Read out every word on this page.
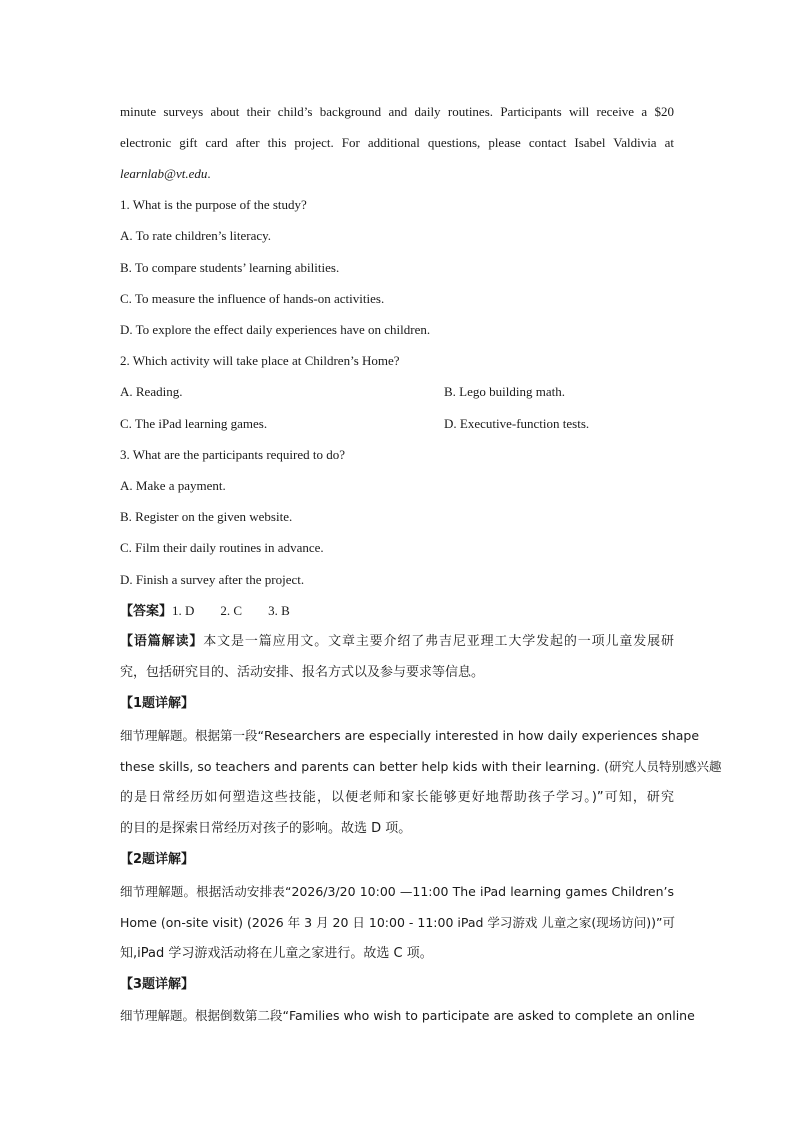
minute surveys about their child’s background and daily routines. Participants will receive a $20
electronic gift card after this project. For additional questions, please contact Isabel Valdivia at
learnlab@vt.edu.
1. What is the purpose of the study?
A. To rate children’s literacy.
B. To compare students’ learning abilities.
C. To measure the influence of hands-on activities.
D. To explore the effect daily experiences have on children.
2. Which activity will take place at Children’s Home?
A. Reading.	B. Lego building math.
C. The iPad learning games.	D. Executive-function tests.
3. What are the participants required to do?
A. Make a payment.
B. Register on the given website.
C. Film their daily routines in advance.
D. Finish a survey after the project.
【答案】1. D        2. C        3. B
【语篇解读】本文是一篇应用文。文章主要介绍了弗吉尼亚理工大学发起的一项儿童发展研
究，包括研究目的、活动安排、报名方式以及参与要求等信息。
【1题详解】
细节理解题。根据第一段“Researchers are especially interested in how daily experiences shape
these skills, so teachers and parents can better help kids with their learning. (研究人员特别感兴趣
的是日常经历如何塑造这些技能，以便老师和家长能够更好地帮助孩子学习。)”可知，研究
的目的是探索日常经历对孩子的影响。故选 D 项。
【2题详解】
细节理解题。根据活动安排表“2026/3/20 10:00 —11:00 The iPad learning games Children’s
Home (on-site visit) (2026 年 3 月 20 日 10:00 - 11:00 iPad 学习游戏 儿童之家(现场访问))”可
知,iPad 学习游戏活动将在儿童之家进行。故选 C 项。
【3题详解】
细节理解题。根据倒数第二段“Families who wish to participate are asked to complete an online
